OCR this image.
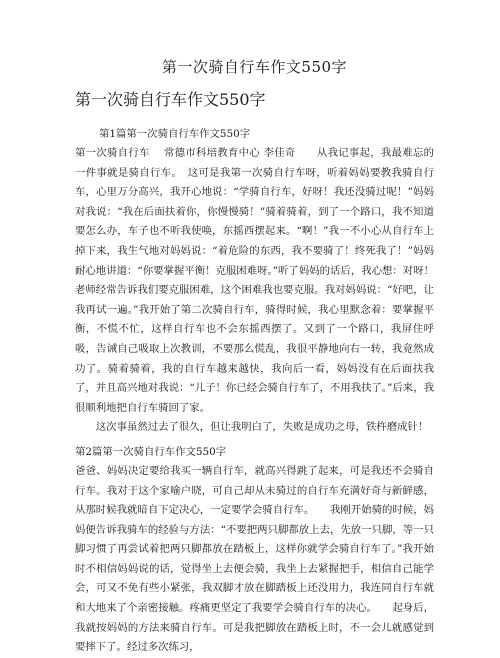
第一次骑自行车作文550字
第一次骑自行车作文550字
第1篇第一次骑自行车作文550字

第一次骑自行车　 常德市科培教育中心 李佳奇　　从我记事起，我最难忘的一件事就是骑自行车。　这可是我第一次骑自行车呀，听着妈妈要教我骑自行车，心里万分高兴，我开心地说：“学骑自行车，好呀！我还没骑过呢！”妈妈对我说：“我在后面扶着你，你慢慢骑！”骑着骑着，到了一个路口，我不知道要怎么办，车子也不听我使唤，东摇西摆起来。“啊！”我一不小心从自行车上掉下来，我生气地对妈妈说：“着危险的东西，我不要骑了！终死我了！”妈妈耐心地讲道：“你要掌握平衡！克服困难呀。”听了妈妈的话后，我心想：对呀！老师经常告诉我们要克服困难，这个困难我也要克服。我对妈妈说：“好吧，让我再试一遍。”我开始了第二次骑自行车，骑得时候，我心里默念着：要掌握平衡，不慌不忙，这样自行车也不会东摇西摆了。又到了一个路口，我屏住呼吸，告诫自己吸取上次教训，不要那么慌乱，我很平静地向右一转，我竟然成功了。骑着骑着，我的自行车越来越快，我向后一看，妈妈没有在后面扶我了，并且高兴地对我说：“儿子！你已经会骑自行车了，不用我扶了。”后来，我很顺利地把自行车骑回了家。

这次事虽然过去了很久，但让我明白了，失败是成功之母，铁杵磨成针！

第2篇第一次骑自行车作文550字

爸爸、妈妈决定要给我买一辆自行车，就高兴得跳了起来，可是我还不会骑自行车。我对于这个家喻户晓，可自己却从未骑过的自行车充满好奇与新鲜感，从那时候我就暗自下定决心，一定要学会骑自行车。　　我刚开始骑的时候，妈妈便告诉我骑车的经验与方法：“不要把两只脚都放上去，先放一只脚，等一只脚习惯了再尝试着把两只脚都放在踏板上，这样你就学会骑自行车了。”我开始时不相信妈妈说的话，觉得坐上去便会骑，我坐上去紧握把手，相信自己能学会，可又不免有些小紧张，我双脚才放在脚踏板上还没用力，我连同自行车就和大地来了个亲密接触。疼痛更坚定了我要学会骑自行车的决心。　　起身后，我就按妈妈的方法来骑自行车。可是我把脚放在踏板上时，不一会儿就感觉到要摔下了。经过多次练习，
